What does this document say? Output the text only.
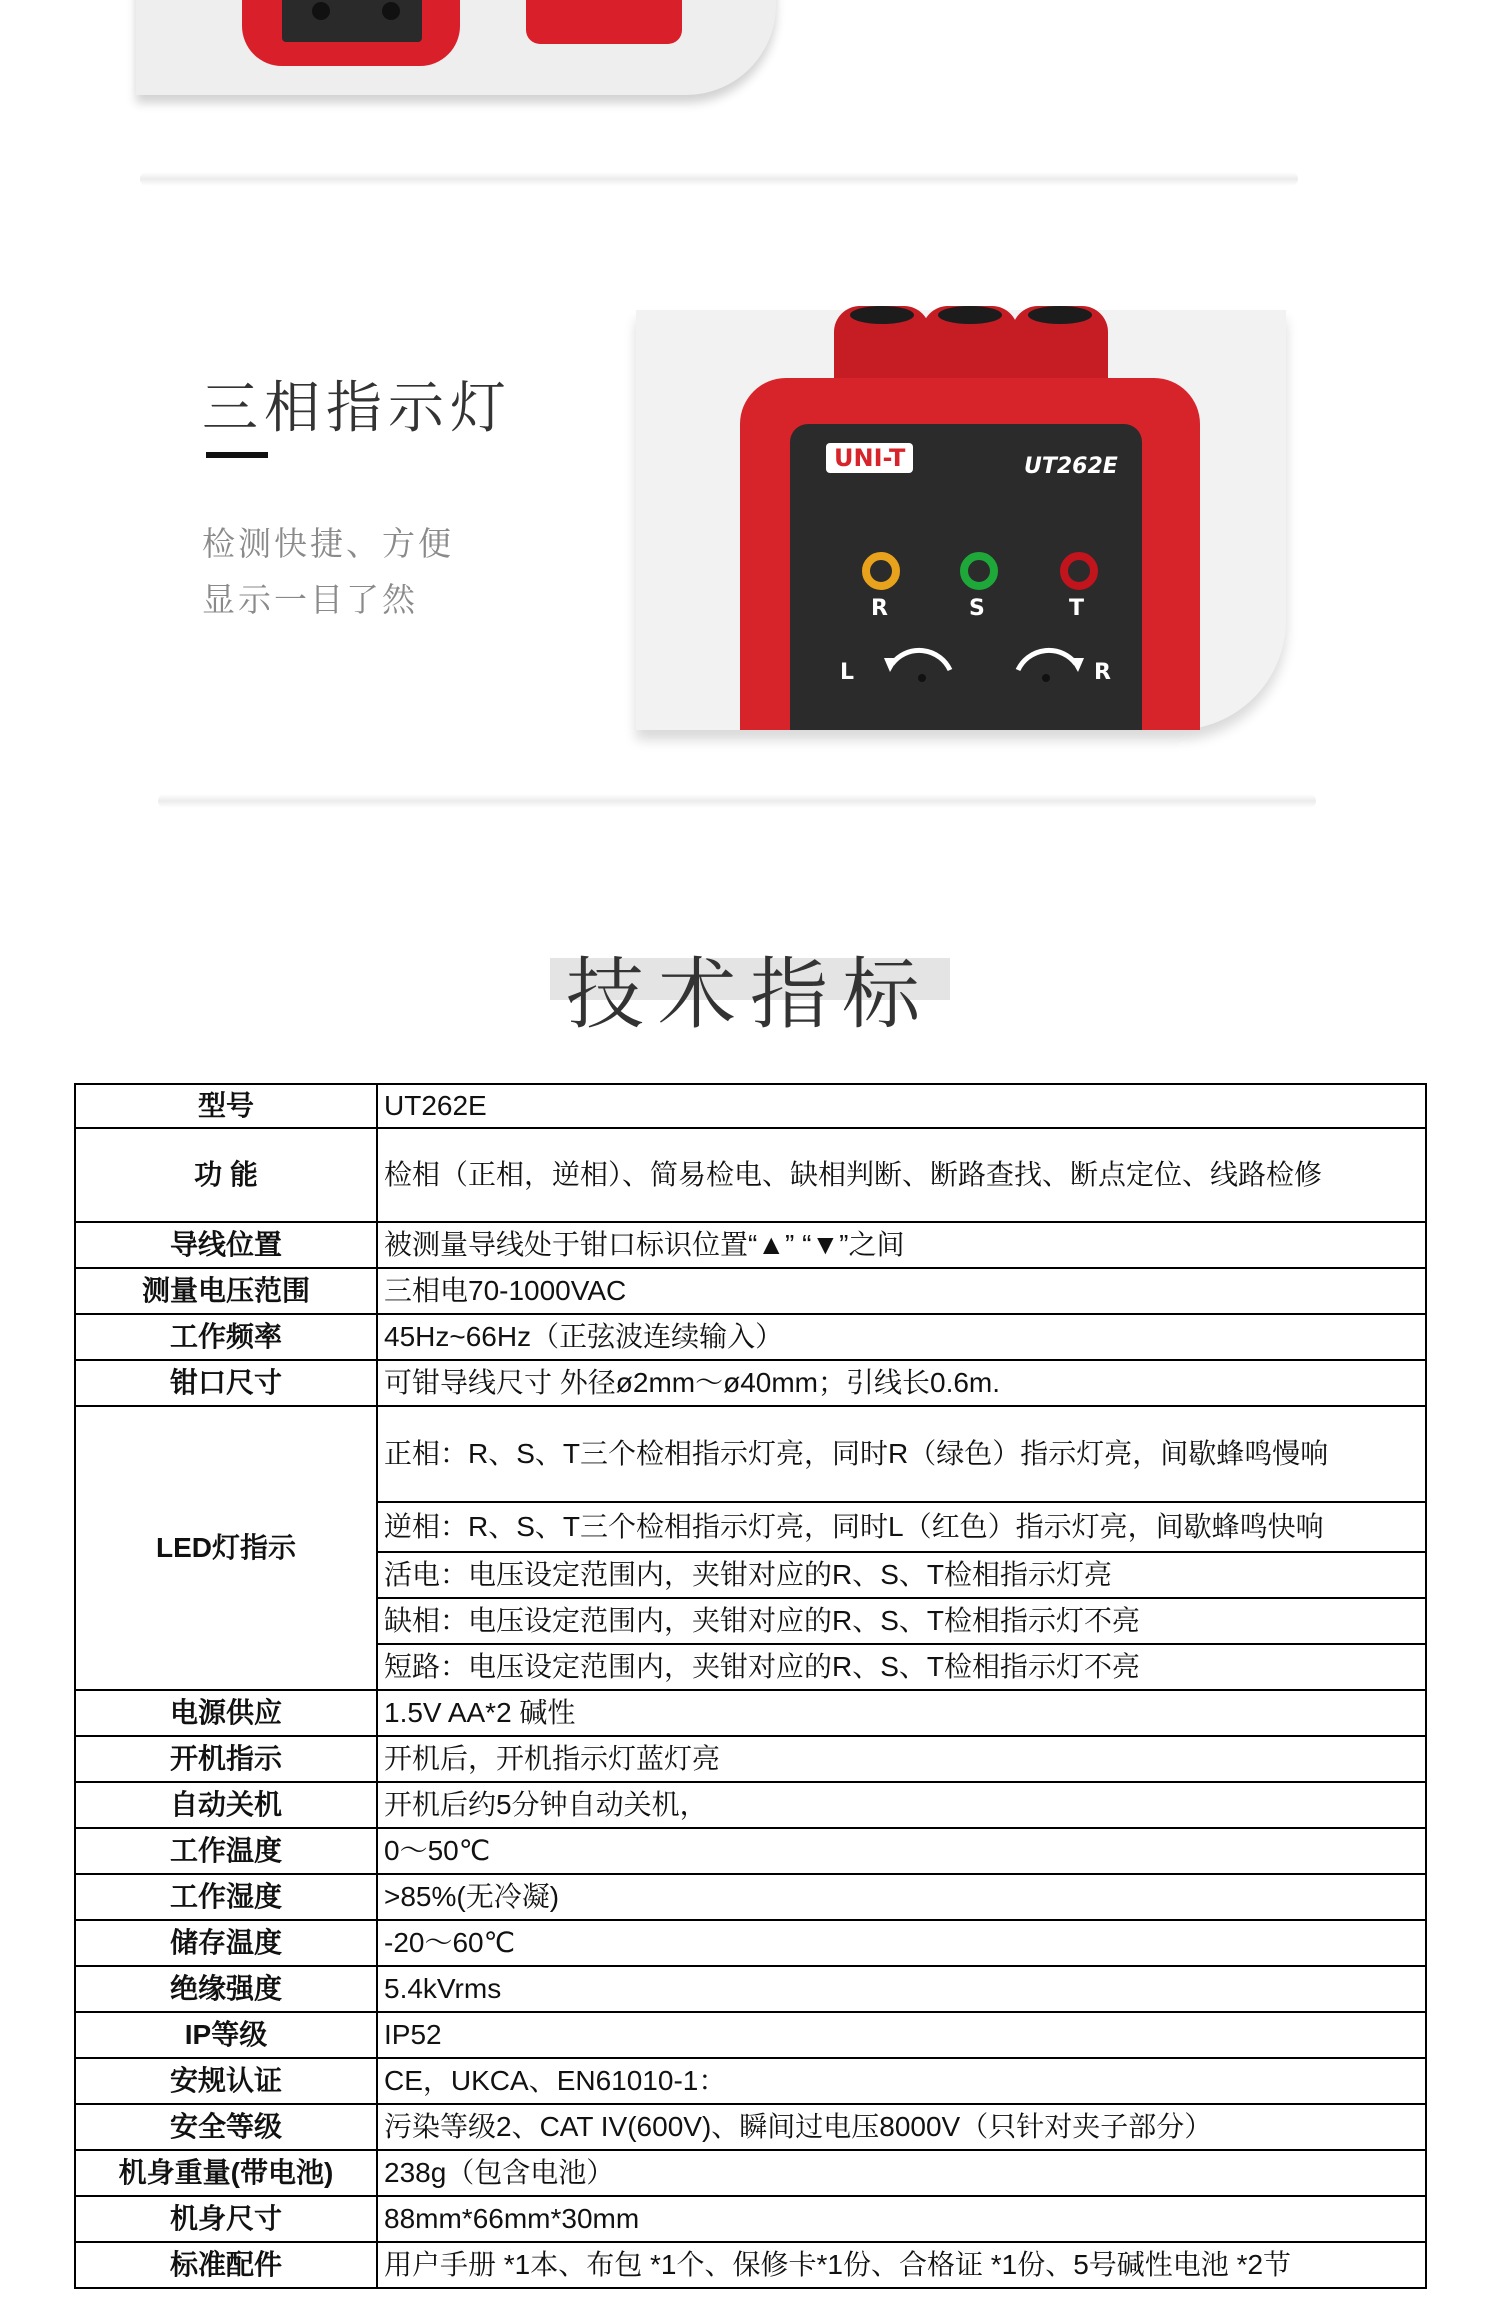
三相指示灯
检测快捷、方便
显示一目了然
UNI-T	UT262E
R	S	T
L	R
技术指标
型号	UT262E
功 能	检相（正相，逆相）、简易检电、缺相判断、断路查找、断点定位、线路检修
导线位置	被测量导线处于钳口标识位置“▲” “▼”之间
测量电压范围	三相电70-1000VAC
工作频率	45Hz~66Hz（正弦波连续输入）
钳口尺寸	可钳导线尺寸 外径ø2mm～ø40mm；引线长0.6m.
LED灯指示	正相：R、S、T三个检相指示灯亮，同时R（绿色）指示灯亮，间歇蜂鸣慢响
	逆相：R、S、T三个检相指示灯亮，同时L（红色）指示灯亮，间歇蜂鸣快响
	活电：电压设定范围内，夹钳对应的R、S、T检相指示灯亮
	缺相：电压设定范围内，夹钳对应的R、S、T检相指示灯不亮
	短路：电压设定范围内，夹钳对应的R、S、T检相指示灯不亮
电源供应	1.5V AA*2 碱性
开机指示	开机后，开机指示灯蓝灯亮
自动关机	开机后约5分钟自动关机，
工作温度	0～50℃
工作湿度	>85%(无冷凝)
储存温度	-20～60℃
绝缘强度	5.4kVrms
IP等级	IP52
安规认证	CE，UKCA、EN61010-1：
安全等级	污染等级2、CAT IV(600V)、瞬间过电压8000V（只针对夹子部分）
机身重量(带电池)	238g（包含电池）
机身尺寸	88mm*66mm*30mm
标准配件	用户手册 *1本、布包 *1个、保修卡*1份、合格证 *1份、5号碱性电池 *2节
